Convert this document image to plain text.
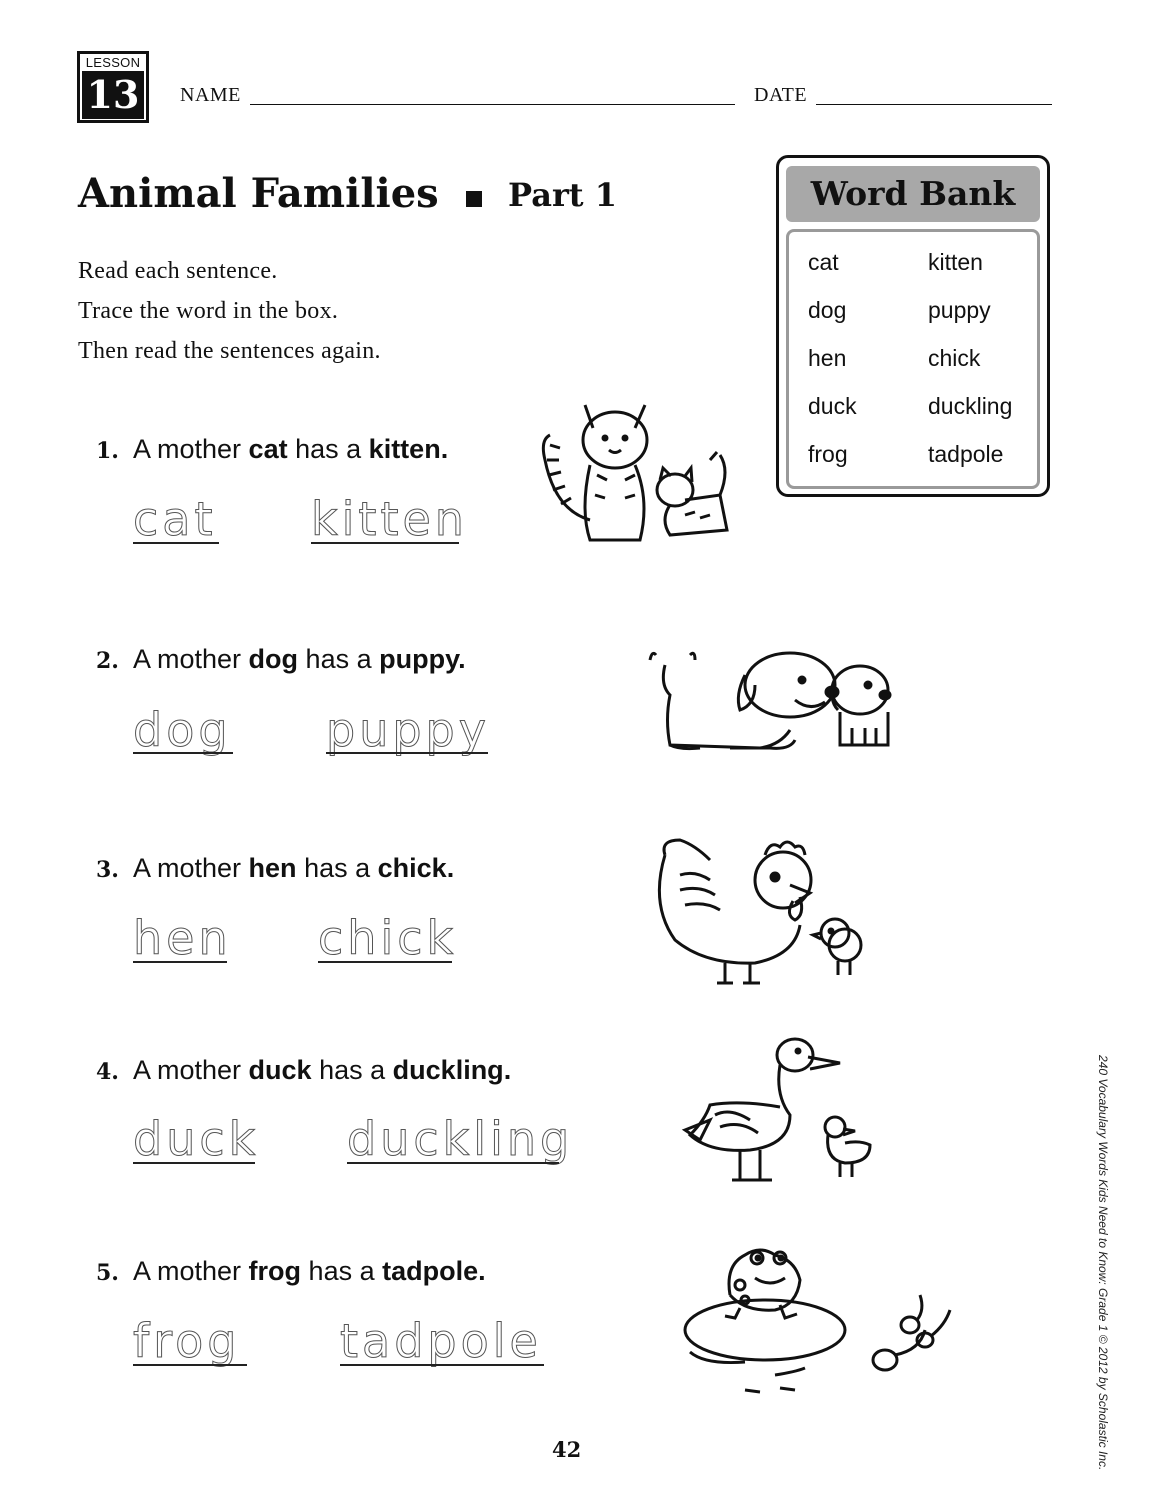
LESSON
13 NAME	DATE
Animal Families Part 1
Read each sentence.
Trace the word in the box.
Then read the sentences again.
Word Bank
cat	kitten
dog	puppy
hen	chick
duck	duckling
frog	tadpole
1. A mother cat has a kitten.
cat kitten
2. A mother dog has a puppy.
dog puppy
3. A mother hen has a chick.
hen chick
4. A mother duck has a duckling.
duck duckling
5. A mother frog has a tadpole.
frog tadpole
42	240 Vocabulary Words Kids Need to Know: Grade 1 © 2012 by Scholastic Inc.
